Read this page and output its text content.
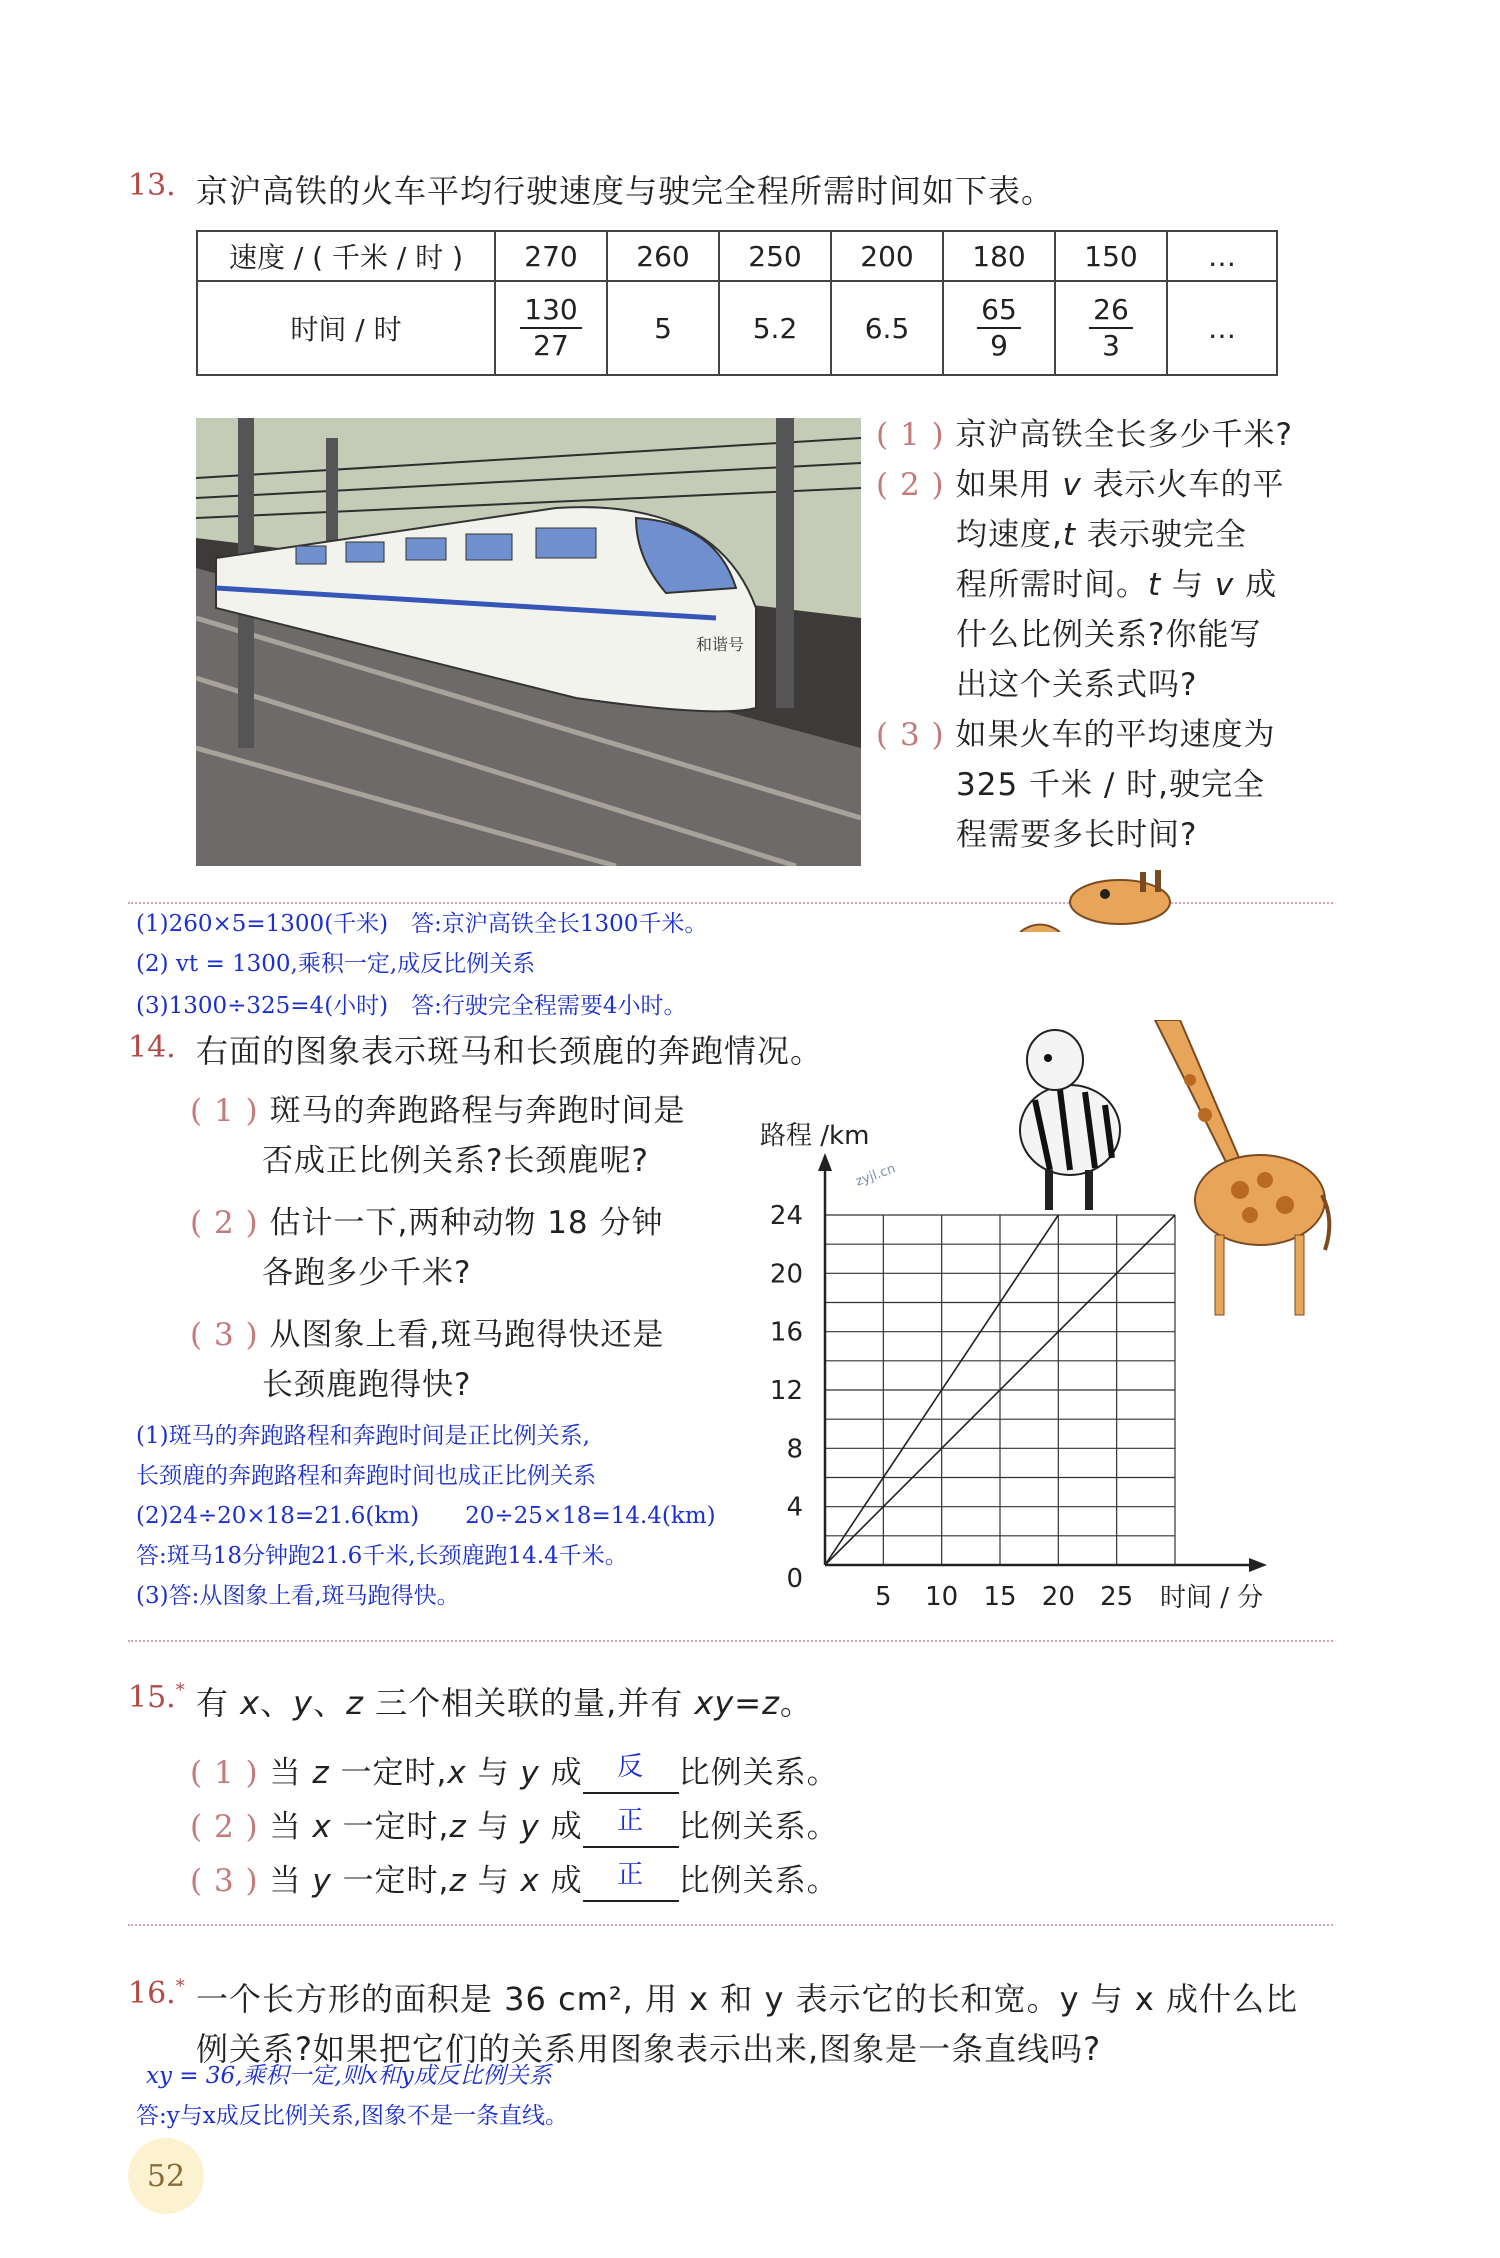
13. 京沪高铁的火车平均行驶速度与驶完全程所需时间如下表。
速度 / ( 千米 / 时 )	270	260	250	200	180	150	…
时间 / 时	$\frac{130}{27}$	5	5.2	6.5	$\frac{65}{9}$	$\frac{26}{3}$	…
和谐号
( 1 ) 京沪高铁全长多少千米?
( 2 ) 如果用 v 表示火车的平
均速度,t 表示驶完全
程所需时间。t 与 v 成
什么比例关系?你能写
出这个关系式吗?
( 3 ) 如果火车的平均速度为
325 千米 / 时,驶完全
程需要多长时间?
(1)260×5=1300(千米)　答:京沪高铁全长1300千米。
(2) vt = 1300,乘积一定,成反比例关系
(3)1300÷325=4(小时)　答:行驶完全程需要4小时。
14. 右面的图象表示斑马和长颈鹿的奔跑情况。
( 1 ) 斑马的奔跑路程与奔跑时间是
否成正比例关系?长颈鹿呢?
( 2 ) 估计一下,两种动物 18 分钟
各跑多少千米?
( 3 ) 从图象上看,斑马跑得快还是
长颈鹿跑得快?
(1)斑马的奔跑路程和奔跑时间是正比例关系,
长颈鹿的奔跑路程和奔跑时间也成正比例关系
(2)24÷20×18=21.6(km)　　20÷25×18=14.4(km)
答:斑马18分钟跑21.6千米,长颈鹿跑14.4千米。
(3)答:从图象上看,斑马跑得快。
zyjl.cn
路程 /km
时间 / 分
5 10 15 20 25
0
4
8
12
16
20
24
15.* 有 x、y、z 三个相关联的量,并有 xy=z。
( 1 ) 当 z 一定时,x 与 y 成 反 比例关系。
( 2 ) 当 x 一定时,z 与 y 成 正 比例关系。
( 3 ) 当 y 一定时,z 与 x 成 正 比例关系。
16.* 一个长方形的面积是 36 cm², 用 x 和 y 表示它的长和宽。y 与 x 成什么比
例关系?如果把它们的关系用图象表示出来,图象是一条直线吗?
xy = 36,乘积一定,则x和y成反比例关系
答:y与x成反比例关系,图象不是一条直线。
52
